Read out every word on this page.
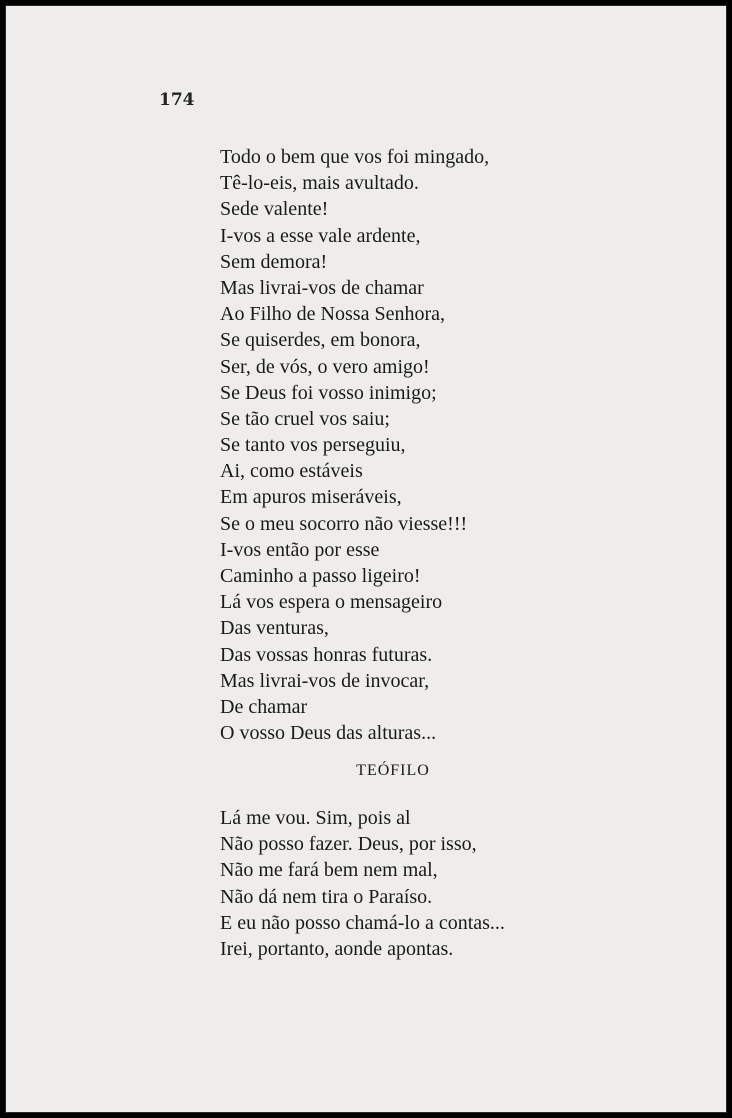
174

Todo o bem que vos foi mingado,
Tê-lo-eis, mais avultado.
Sede valente!
I-vos a esse vale ardente,
Sem demora!
Mas livrai-vos de chamar
Ao Filho de Nossa Senhora,
Se quiserdes, em bonora,
Ser, de vós, o vero amigo!
Se Deus foi vosso inimigo;
Se tão cruel vos saiu;
Se tanto vos perseguiu,
Ai, como estáveis
Em apuros miseráveis,
Se o meu socorro não viesse!!!
I-vos então por esse
Caminho a passo ligeiro!
Lá vos espera o mensageiro
Das venturas,
Das vossas honras futuras.
Mas livrai-vos de invocar,
De chamar
O vosso Deus das alturas...

TEÓFILO

Lá me vou. Sim, pois al
Não posso fazer. Deus, por isso,
Não me fará bem nem mal,
Não dá nem tira o Paraíso.
E eu não posso chamá-lo a contas...
Irei, portanto, aonde apontas.
